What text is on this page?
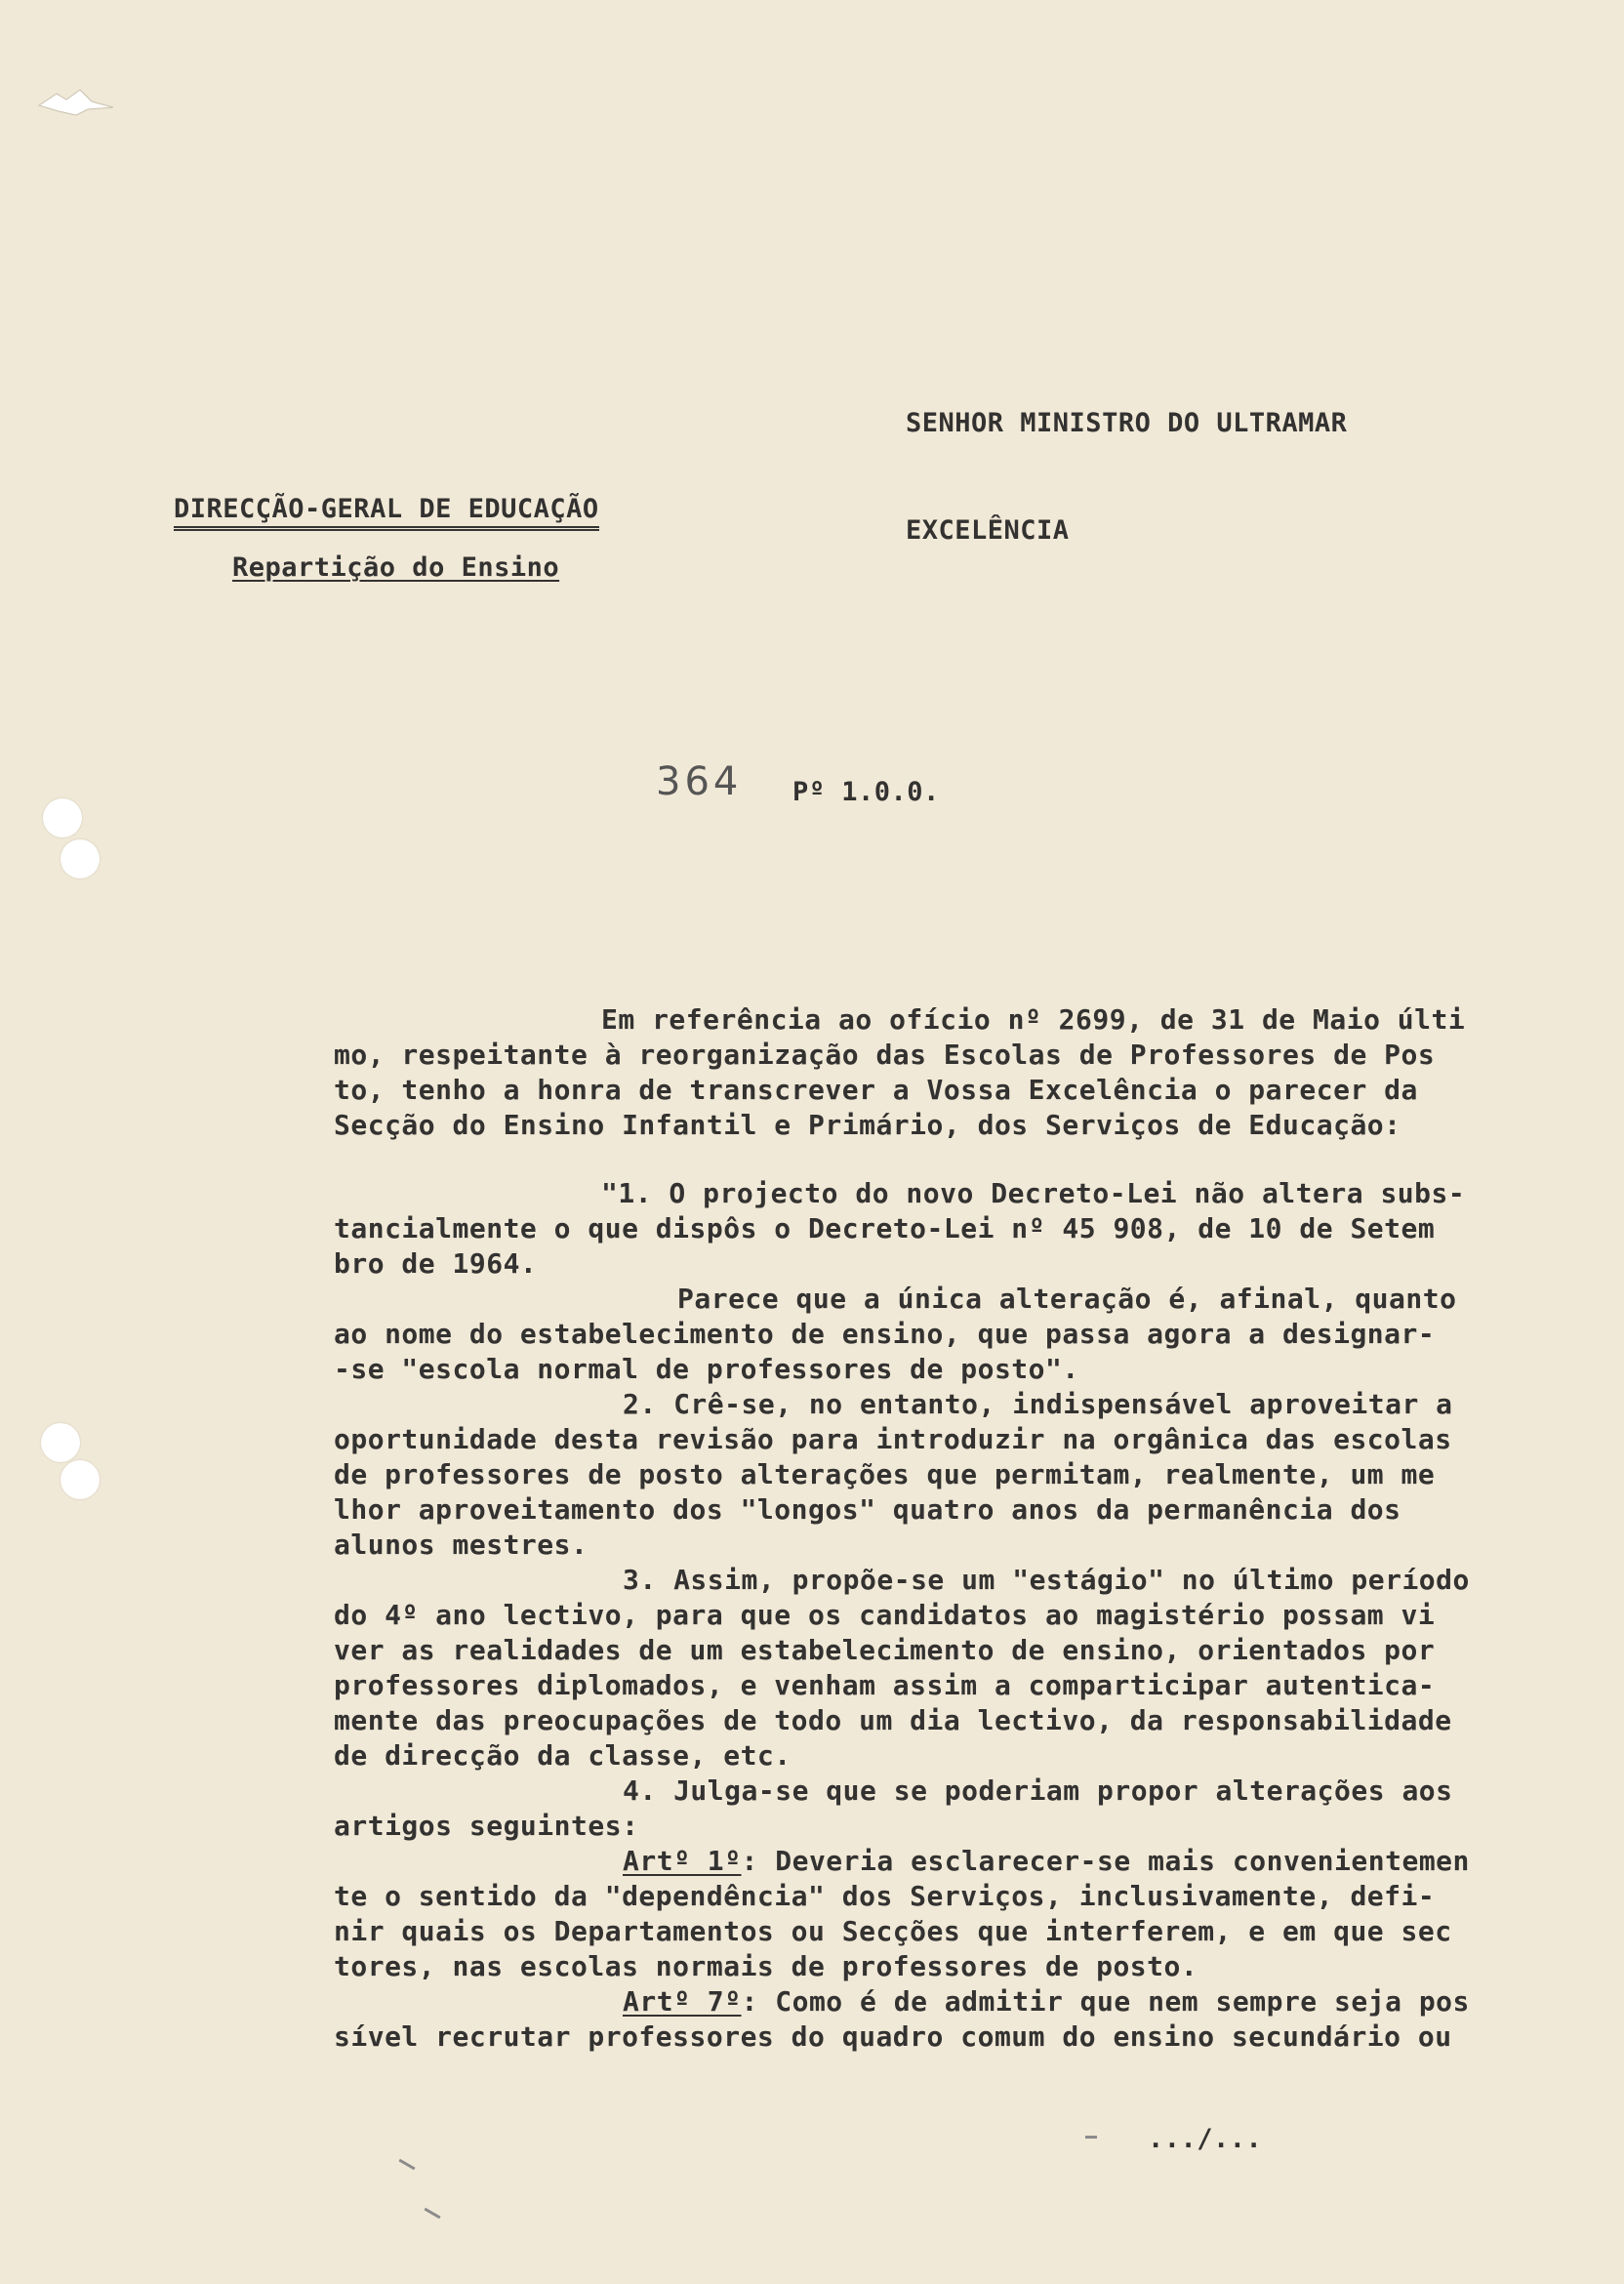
SENHOR MINISTRO DO ULTRAMAR
EXCELÊNCIA
DIRECÇÃO-GERAL DE EDUCAÇÃO
Repartição do Ensino
364 Pº 1.0.0.
Em referência ao ofício nº 2699, de 31 de Maio últi
mo, respeitante à reorganização das Escolas de Professores de Pos
to, tenho a honra de transcrever a Vossa Excelência o parecer da
Secção do Ensino Infantil e Primário, dos Serviços de Educação:
"1. O projecto do novo Decreto-Lei não altera subs-
tancialmente o que dispôs o Decreto-Lei nº 45 908, de 10 de Setem
bro de 1964.
Parece que a única alteração é, afinal, quanto
ao nome do estabelecimento de ensino, que passa agora a designar-
-se "escola normal de professores de posto".
2. Crê-se, no entanto, indispensável aproveitar a
oportunidade desta revisão para introduzir na orgânica das escolas
de professores de posto alterações que permitam, realmente, um me
lhor aproveitamento dos "longos" quatro anos da permanência dos
alunos mestres.
3. Assim, propõe-se um "estágio" no último período
do 4º ano lectivo, para que os candidatos ao magistério possam vi
ver as realidades de um estabelecimento de ensino, orientados por
professores diplomados, e venham assim a comparticipar autentica-
mente das preocupações de todo um dia lectivo, da responsabilidade
de direcção da classe, etc.
4. Julga-se que se poderiam propor alterações aos
artigos seguintes:
Artº 1º: Deveria esclarecer-se mais convenientemen
te o sentido da "dependência" dos Serviços, inclusivamente, defi-
nir quais os Departamentos ou Secções que interferem, e em que sec
tores, nas escolas normais de professores de posto.
Artº 7º: Como é de admitir que nem sempre seja pos
sível recrutar professores do quadro comum do ensino secundário ou
.../...
